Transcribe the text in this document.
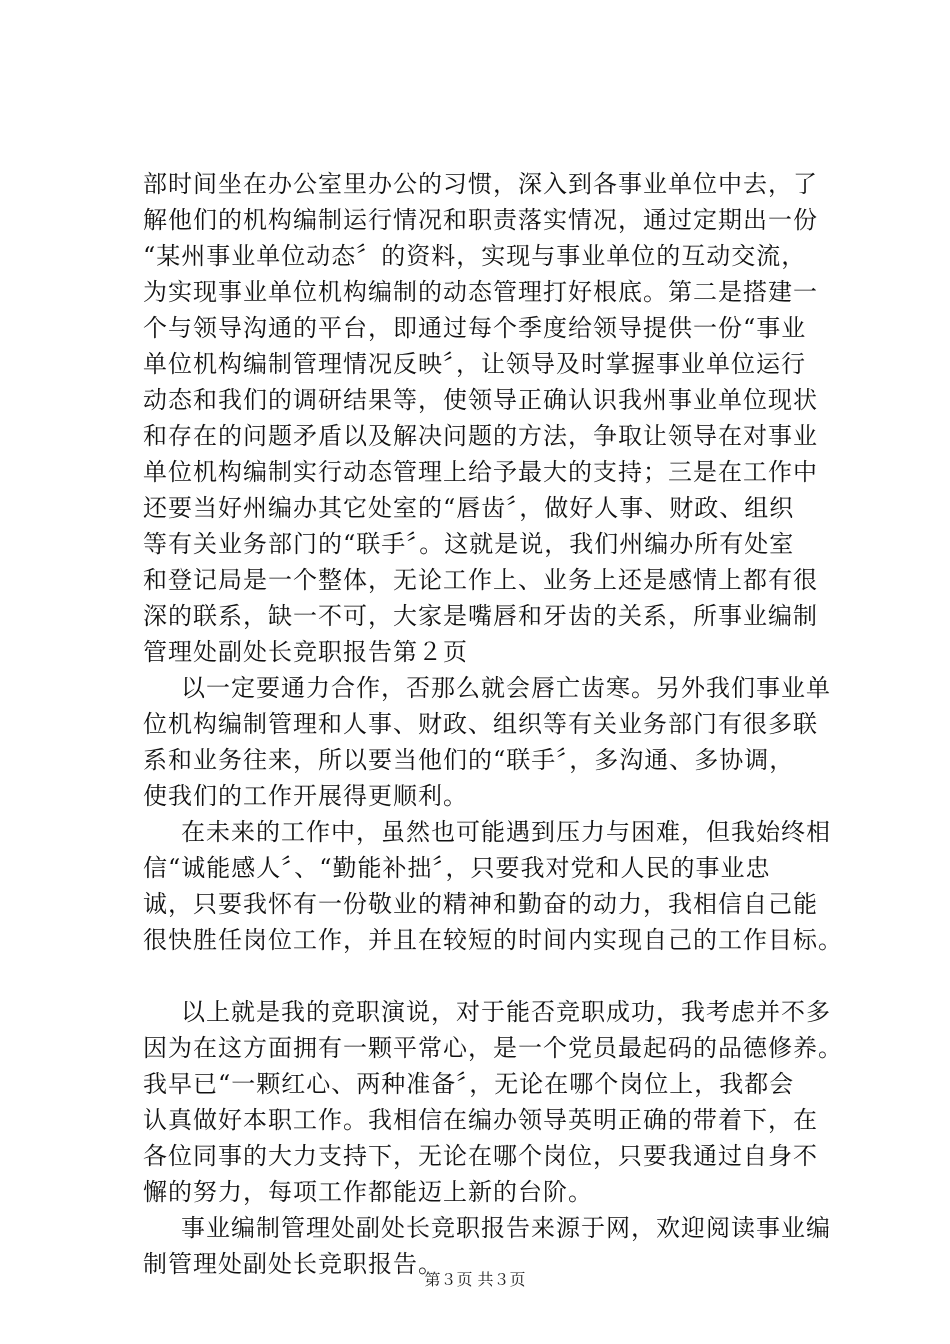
部时间坐在办公室里办公的习惯，深入到各事业单位中去，了
解他们的机构编制运行情况和职责落实情况，通过定期出一份
“某州事业单位动态〞的资料，实现与事业单位的互动交流，
为实现事业单位机构编制的动态管理打好根底。第二是搭建一
个与领导沟通的平台，即通过每个季度给领导提供一份“事业
单位机构编制管理情况反映〞，让领导及时掌握事业单位运行
动态和我们的调研结果等，使领导正确认识我州事业单位现状
和存在的问题矛盾以及解决问题的方法，争取让领导在对事业
单位机构编制实行动态管理上给予最大的支持；三是在工作中
还要当好州编办其它处室的“唇齿〞，做好人事、财政、组织
等有关业务部门的“联手〞。这就是说，我们州编办所有处室
和登记局是一个整体，无论工作上、业务上还是感情上都有很
深的联系，缺一不可，大家是嘴唇和牙齿的关系，所事业编制
管理处副处长竞职报告第２页
以一定要通力合作，否那么就会唇亡齿寒。另外我们事业单
位机构编制管理和人事、财政、组织等有关业务部门有很多联
系和业务往来，所以要当他们的“联手〞，多沟通、多协调，
使我们的工作开展得更顺利。
在未来的工作中，虽然也可能遇到压力与困难，但我始终相
信“诚能感人〞、“勤能补拙〞，只要我对党和人民的事业忠
诚，只要我怀有一份敬业的精神和勤奋的动力，我相信自己能
很快胜任岗位工作，并且在较短的时间内实现自己的工作目标。
以上就是我的竞职演说，对于能否竞职成功，我考虑并不多
因为在这方面拥有一颗平常心，是一个党员最起码的品德修养。
我早已“一颗红心、两种准备〞，无论在哪个岗位上，我都会
认真做好本职工作。我相信在编办领导英明正确的带着下，在
各位同事的大力支持下，无论在哪个岗位，只要我通过自身不
懈的努力，每项工作都能迈上新的台阶。
事业编制管理处副处长竞职报告来源于网，欢迎阅读事业编
制管理处副处长竞职报告。
第３页 共３页
